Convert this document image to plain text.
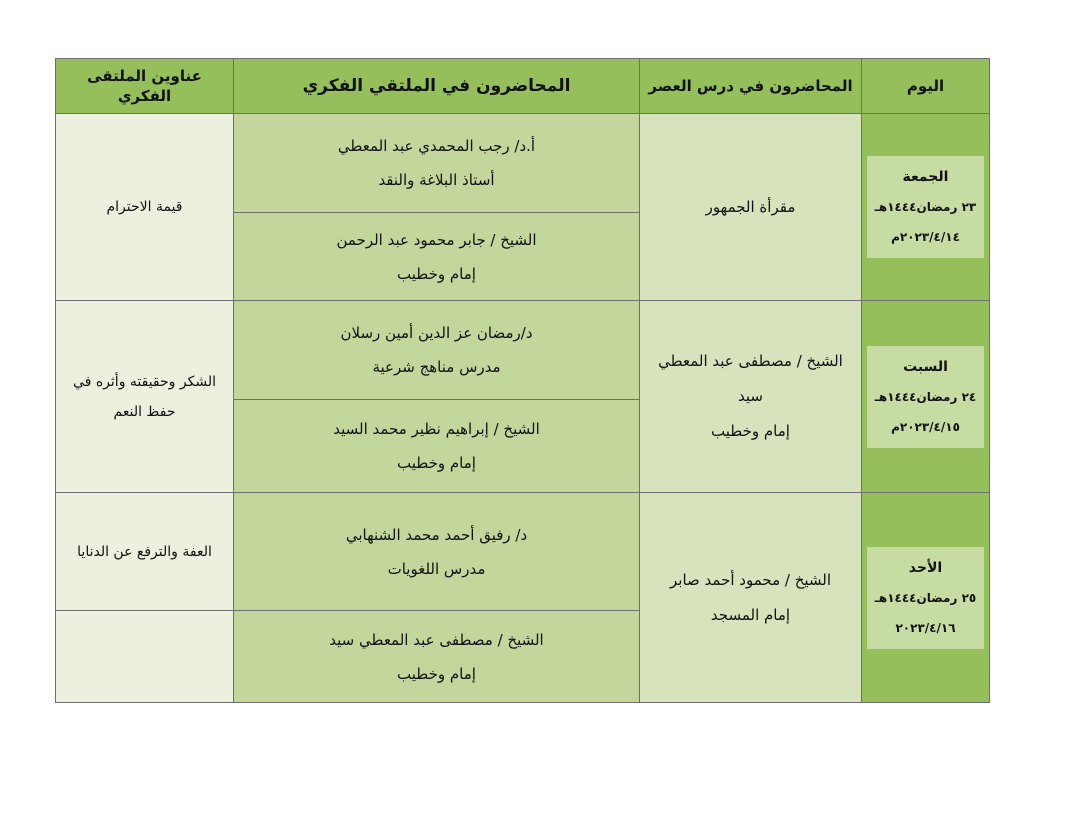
اليوم
المحاضرون في درس العصر
المحاضرون في الملتقي الفكري
عناوين الملتقى الفكري
الجمعة
٢٣ رمضان١٤٤٤هـ
٢٠٢٣/٤/١٤م
مقرأة الجمهور
أ.د/ رجب المحمدي عبد المعطي
أستاذ البلاغة والنقد
الشيخ / جابر محمود عبد الرحمن
إمام وخطيب
قيمة الاحترام
السبت
٢٤ رمضان١٤٤٤هـ
٢٠٢٣/٤/١٥م
الشيخ / مصطفى عبد المعطي
سيد
إمام وخطيب
د/رمضان عز الدين أمين رسلان
مدرس مناهج شرعية
الشيخ / إبراهيم نظير محمد السيد
إمام وخطيب
الشكر وحقيقته وأثره في
حفظ النعم
الأحد
٢٥ رمضان١٤٤٤هـ
٢٠٢٣/٤/١٦
الشيخ / محمود أحمد صابر
إمام المسجد
د/ رفيق أحمد محمد الشنهابي
مدرس اللغويات
الشيخ / مصطفى عبد المعطي سيد
إمام وخطيب
العفة والترفع عن الدنايا
